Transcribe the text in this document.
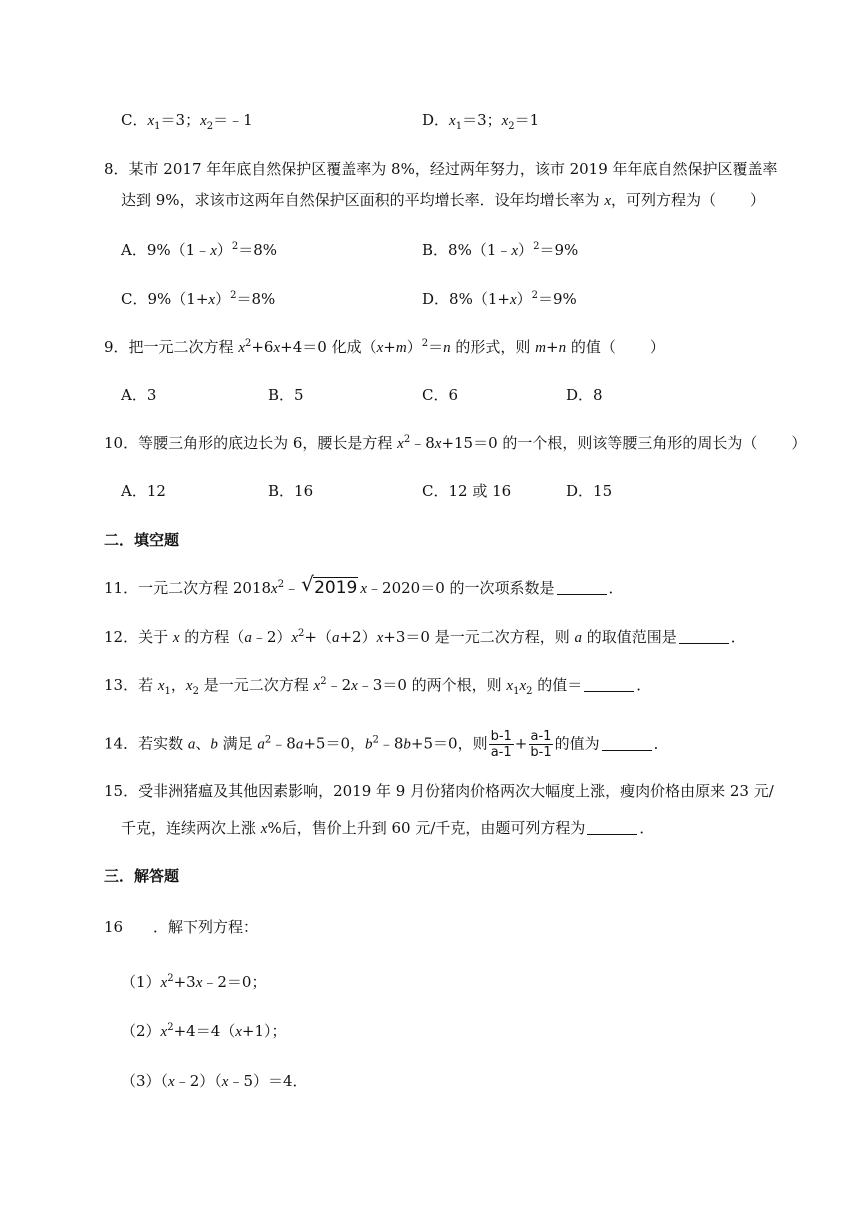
C．$x_1=3$；$x_2=﹣1$	D．$x_1=3$；$x_2=1$
8．某市 2017 年年底自然保护区覆盖率为 8%，经过两年努力，该市 2019 年年底自然保护区覆盖率
达到 9%，求该市这两年自然保护区面积的平均增长率．设年均增长率为 x，可列方程为（ ）
A．9%（1﹣x）$^2$＝8%	B．8%（1﹣x）$^2$＝9%
C．$9\%(1+x)^2=8\%$	D．$8\%(1+x)^2=9\%$
9．把一元二次方程 $x^2+6x+4=0$ 化成$(x+m)^2=n$ 的形式，则 m+n 的值（ ）
A．3	B．5	C．6	D．8
10．等腰三角形的底边长为 6，腰长是方程 $x^2﹣8x+15=0$ 的一个根，则该等腰三角形的周长为（ ）
A．12	B．16	C．12 或 16	D．15
二．填空题
11．一元二次方程 $2018x^2﹣$ √ 2019 x﹣2020＝0 的一次项系数是	．
12．关于 x 的方程$(a﹣2)x^2+(a+2)x+3=0$ 是一元二次方程，则 a 的取值范围是	．
13．若 $x_1$，$x_2$ 是一元二次方程 $x^2﹣2x﹣3=0$ 的两个根，则 $x_1x_2$ 的值＝	．
14．若实数 a、b 满足 $a^2﹣8a+5=0$，$b^2﹣8b+5=0$，则 $\frac{b-1}{a-1} + \frac{a-1}{b-1}$ 的值为	．
15．受非洲猪瘟及其他因素影响，2019 年 9 月份猪肉价格两次大幅度上涨，瘦肉价格由原来 23 元/
千克，连续两次上涨 x%后，售价上升到 60 元/千克，由题可列方程为	．
三．解答题
16 ．解下列方程：
$(1)x^2+3x﹣2=0$；
$(2)x^2+4=4(x+1)$；
（3）（x﹣2）（x﹣5）＝4．
